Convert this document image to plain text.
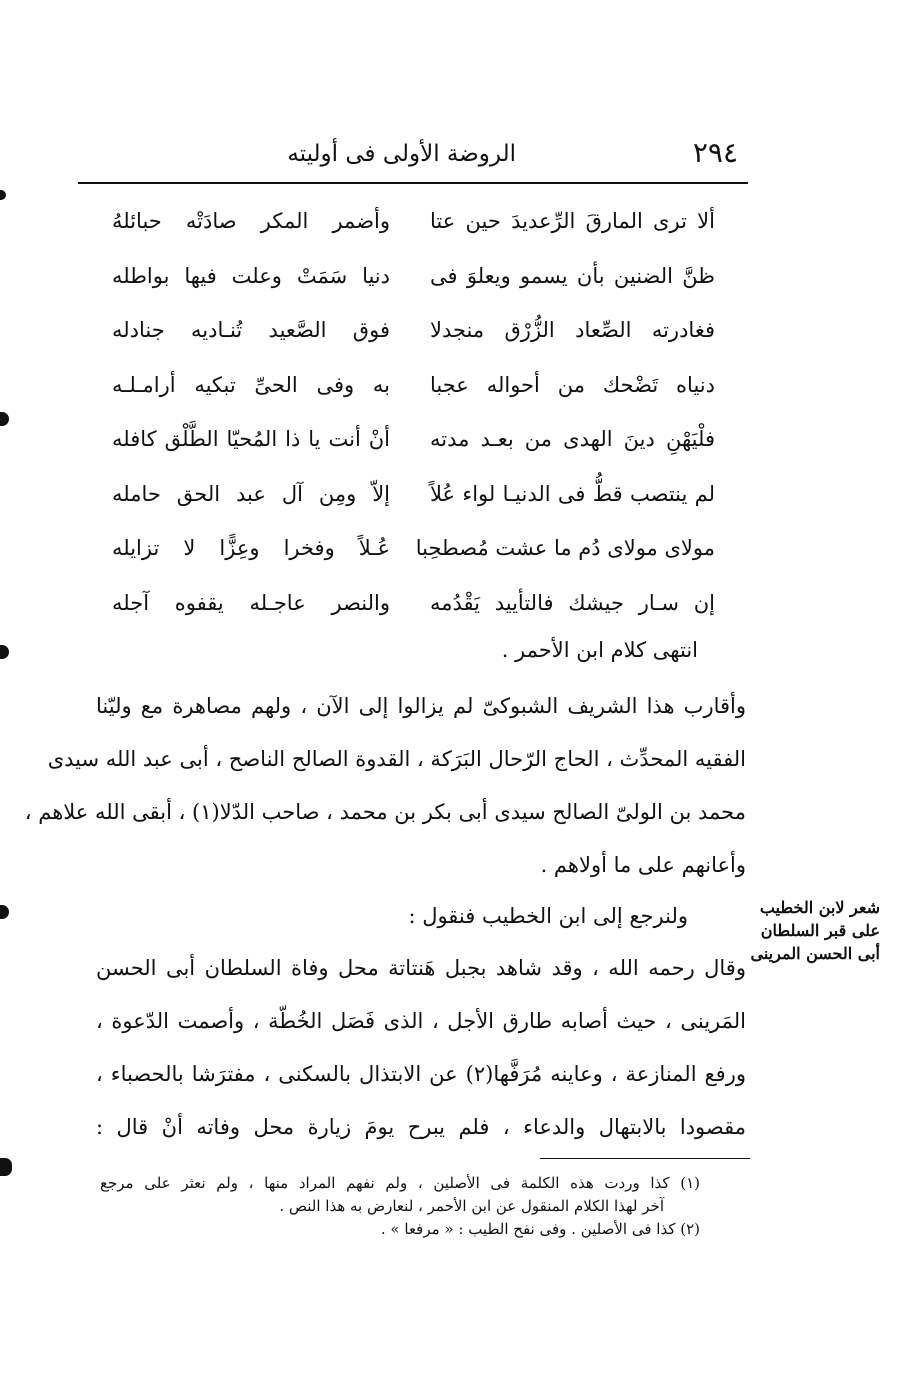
٢٩٤
الروضة الأولى فى أوليته
ألا ترى المارقَ الرِّعديدَ حين عتا
وأضمر المكر صادَتْه حبائلهُ
ظنَّ الضنين بأن يسمو ويعلوَ فى
دنيا سَمَتْ وعلت فيها بواطله
فغادرته الصِّعاد الزُّرْق منجدلا
فوق الصَّعيد تُنـاديه جنادله
دنياه تَضْحك من أحواله عجبا
به وفى الحىِّ تبكيه أرامـلـه
فلْيَهْنِ دينَ الهدى من بعـد مدته
أنْ أنت يا ذا المُحيّا الطَّلْق كافله
لم ينتصب قطُّ فى الدنيـا لواء عُلاً
إلاّ ومِن آل عبد الحق حامله
مولاى مولاى دُم ما عشت مُصطحِبا
عُـلاً وفخرا وعِزًّا لا تزايله
إن سـار جيشك فالتأييد يَقْدُمه
والنصر عاجـله يقفوه آجله
انتهى كلام ابن الأحمر .
وأقارب هذا الشريف الشبوكىّ لم يزالوا إلى الآن ، ولهم مصاهرة مع وليّنا
الفقيه المحدِّث ، الحاج الرّحال البَرَكة ، القدوة الصالح الناصح ، أبى عبد الله سيدى
محمد بن الولىّ الصالح سيدى أبى بكر بن محمد ، صاحب الدّلا(١) ، أبقى الله علاهم ،
وأعانهم على ما أولاهم .
ولنرجع إلى ابن الخطيب فنقول :
وقال رحمه الله ، وقد شاهد بجبل هَنتاتة محل وفاة السلطان أبى الحسن
المَرينى ، حيث أصابه طارق الأجل ، الذى فَصَل الخُطّة ، وأصمت الدّعوة ،
ورفع المنازعة ، وعاينه مُرَفَّها(٢) عن الابتذال بالسكنى ، مفترَشا بالحصباء ،
مقصودا بالابتهال والدعاء ، فلم يبرح يومَ زيارة محل وفاته أنْ قال :
شعر لابن الخطيب
على قبر السلطان
أبى الحسن المرينى
(١) كذا وردت هذه الكلمة فى الأصلين ، ولم نفهم المراد منها ، ولم نعثر على مرجع
آخر لهذا الكلام المنقول عن ابن الأحمر ، لنعارض به هذا النص .
(٢) كذا فى الأصلين . وفى نفح الطيب : « مرفعا » .
